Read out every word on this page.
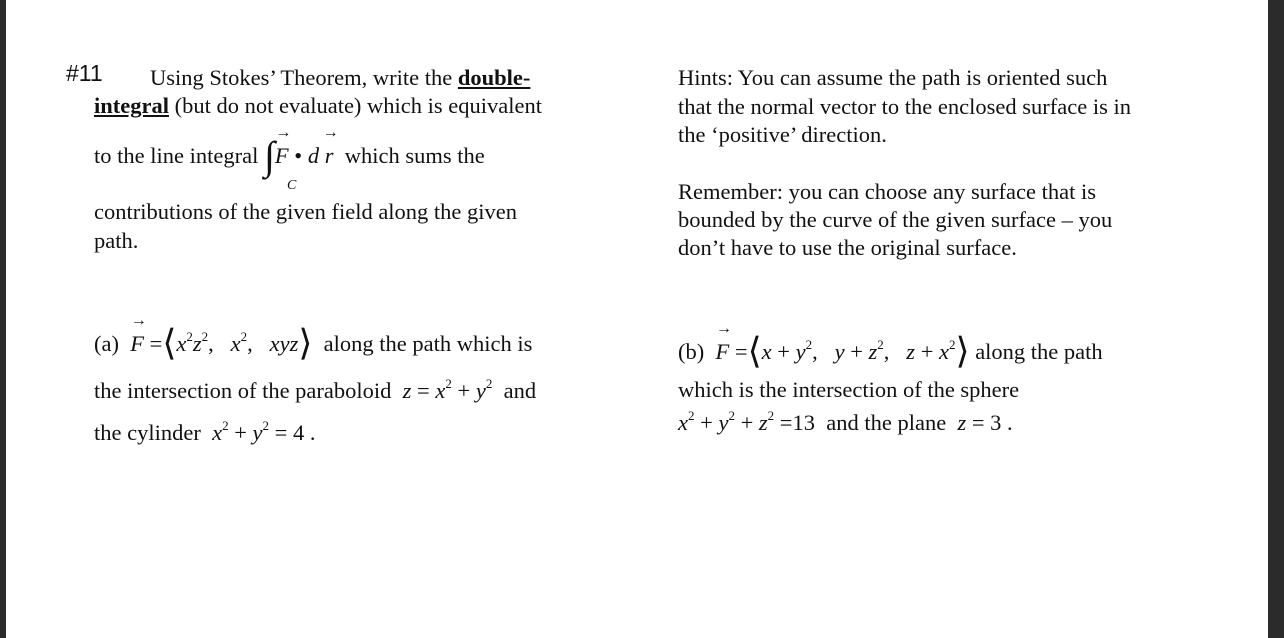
#11 Using Stokes’ Theorem, write the double-
integral (but do not evaluate) which is equivalent
to the line integral ∫
→
F • d
→
r which sums the
C
contributions of the given field along the given
path.
Hints: You can assume the path is oriented such
that the normal vector to the enclosed surface is in
the ‘positive’ direction.
Remember: you can choose any surface that is
bounded by the curve of the given surface – you
don’t have to use the original surface.
(a)
→
$F =⟨x^2z^2$,   $x^2$,   xyz⟩ along the path which is
the intersection of the paraboloid $z = x^2 + y^2$ and
the cylinder $x^2 + y^2 = 4$ .
(b)
→
F =⟨x + $y^2$,   $y + z^2$,   $z + x^2⟩$ along the path
which is the intersection of the sphere
$x^2 + y^2 + z^2 =13$ and the plane z = 3 .
